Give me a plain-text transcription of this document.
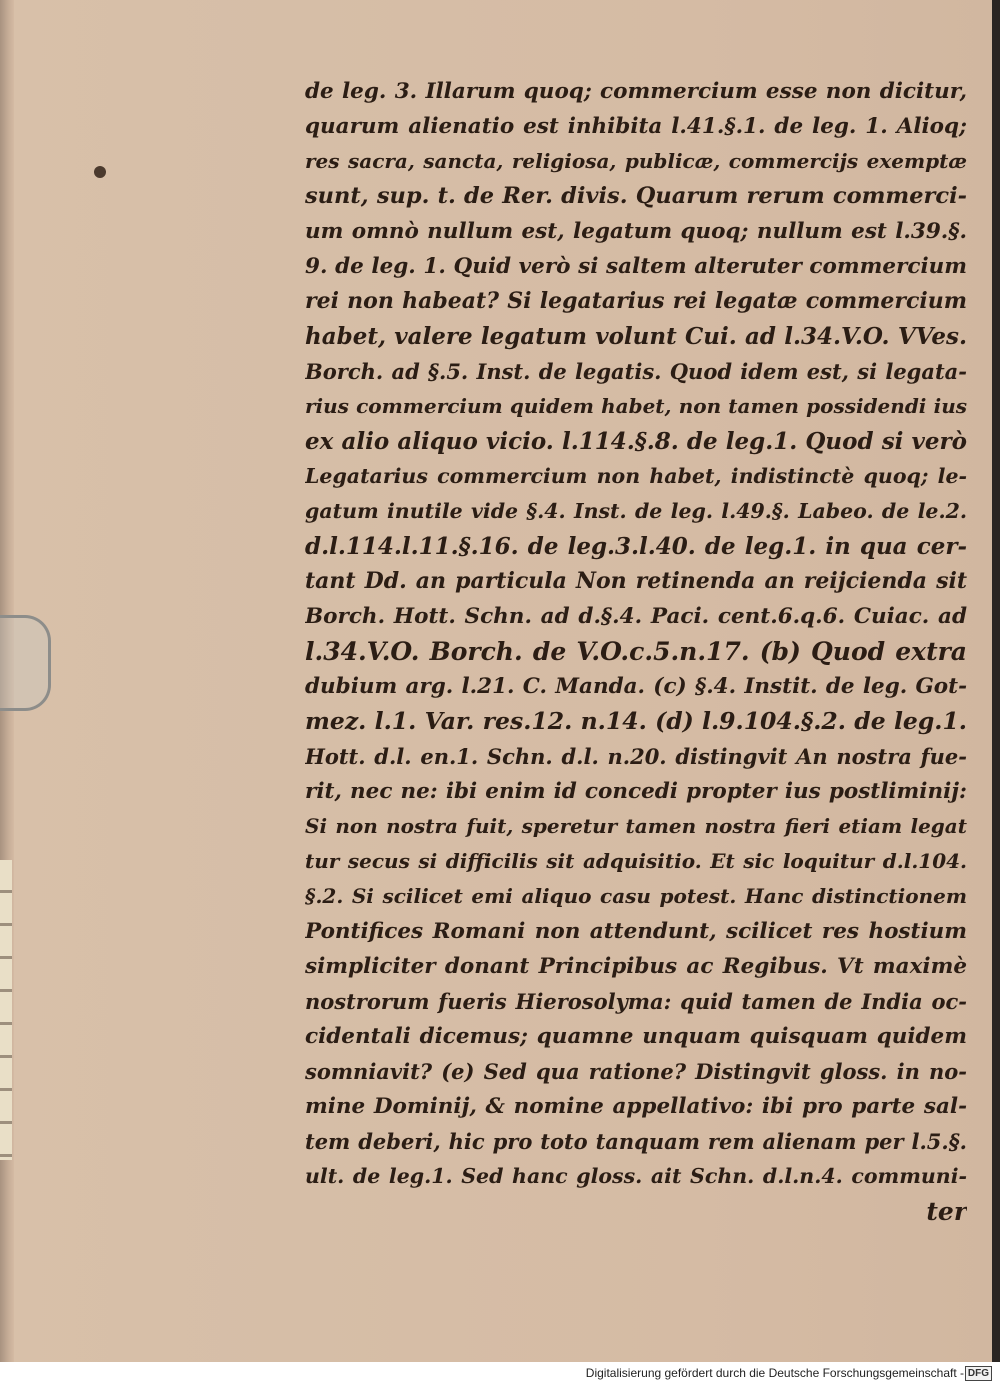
de leg. 3. Illarum quoq; commercium esse non dicitur,
quarum alienatio est inhibita l.41.§.1. de leg. 1. Alioq;
res sacra, sancta, religiosa, publicæ, commercijs exemptæ
sunt, sup. t. de Rer. divis. Quarum rerum commerci-
um omnò nullum est, legatum quoq; nullum est l.39.§.
9. de leg. 1. Quid verò si saltem alteruter commercium
rei non habeat? Si legatarius rei legatæ commercium
habet, valere legatum volunt Cui. ad l.34.V.O. VVes.
Borch. ad §.5. Inst. de legatis. Quod idem est, si legata-
rius commercium quidem habet, non tamen possidendi ius
ex alio aliquo vicio. l.114.§.8. de leg.1. Quod si verò
Legatarius commercium non habet, indistinctè quoq; le-
gatum inutile vide §.4. Inst. de leg. l.49.§. Labeo. de le.2.
d.l.114.l.11.§.16. de leg.3.l.40. de leg.1. in qua cer-
tant Dd. an particula Non retinenda an reijcienda sit
Borch. Hott. Schn. ad d.§.4. Paci. cent.6.q.6. Cuiac. ad
l.34.V.O. Borch. de V.O.c.5.n.17. (b) Quod extra
dubium arg. l.21. C. Manda. (c) §.4. Instit. de leg. Got-
mez. l.1. Var. res.12. n.14. (d) l.9.104.§.2. de leg.1.
Hott. d.l. en.1. Schn. d.l. n.20. distingvit An nostra fue-
rit, nec ne: ibi enim id concedi propter ius postliminij:
Si non nostra fuit, speretur tamen nostra fieri etiam legat
tur secus si difficilis sit adquisitio. Et sic loquitur d.l.104.
§.2. Si scilicet emi aliquo casu potest. Hanc distinctionem
Pontifices Romani non attendunt, scilicet res hostium
simpliciter donant Principibus ac Regibus. Vt maximè
nostrorum fueris Hierosolyma: quid tamen de India oc-
cidentali dicemus; quamne unquam quisquam quidem
somniavit? (e) Sed qua ratione? Distingvit gloss. in no-
mine Dominij, & nomine appellativo: ibi pro parte sal-
tem deberi, hic pro toto tanquam rem alienam per l.5.§.
ult. de leg.1. Sed hanc gloss. ait Schn. d.l.n.4. communi-
ter
Digitalisierung gefördert durch die Deutsche Forschungsgemeinschaft - DFG
